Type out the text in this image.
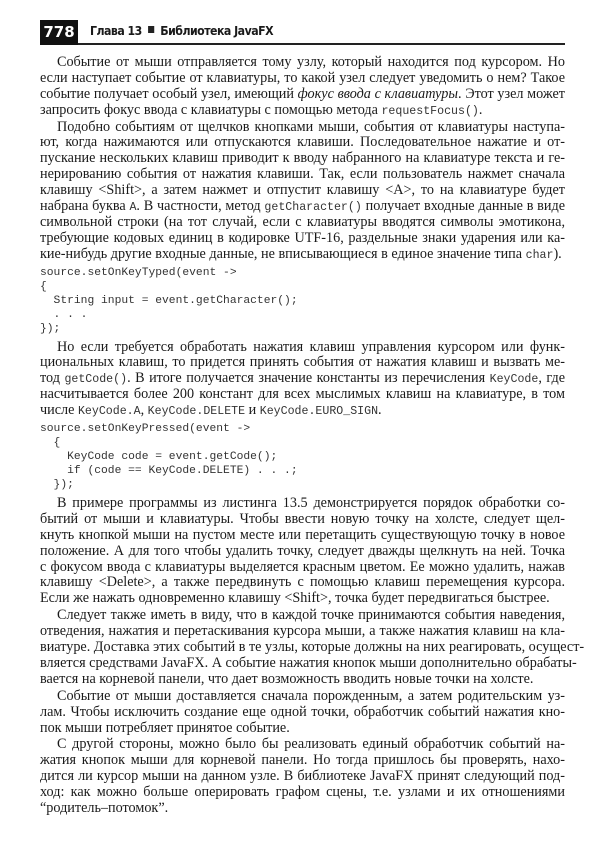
778 Глава 13 Библиотека JavaFX
Событие от мыши отправляется тому узлу, который находится под курсором. Но
если наступает событие от клавиатуры, то какой узел следует уведомить о нем? Такое
событие получает особый узел, имеющий фокус ввода с клавиатуры. Этот узел может
запросить фокус ввода с клавиатуры с помощью метода requestFocus().
Подобно событиям от щелчков кнопками мыши, события от клавиатуры наступа-
ют, когда нажимаются или отпускаются клавиши. Последовательное нажатие и от-
пускание нескольких клавиш приводит к вводу набранного на клавиатуре текста и ге-
нерированию события от нажатия клавиши. Так, если пользователь нажмет сначала
клавишу <Shift>, а затем нажмет и отпустит клавишу <A>, то на клавиатуре будет
набрана буква A. В частности, метод getCharacter() получает входные данные в виде
символьной строки (на тот случай, если с клавиатуры вводятся символы эмотикона,
требующие кодовых единиц в кодировке UTF-16, раздельные знаки ударения или ка-
кие-нибудь другие входные данные, не вписывающиеся в единое значение типа char).
source.setOnKeyTyped(event ->
{
String input = event.getCharacter();
. . .
});
Но если требуется обработать нажатия клавиш управления курсором или функ-
циональных клавиш, то придется принять события от нажатия клавиш и вызвать ме-
тод getCode(). В итоге получается значение константы из перечисления KeyCode, где
насчитывается более 200 констант для всех мыслимых клавиш на клавиатуре, в том
числе KeyCode.A, KeyCode.DELETE и KeyCode.EURO_SIGN.
source.setOnKeyPressed(event ->
{
KeyCode code = event.getCode();
if (code == KeyCode.DELETE) . . .;
});
В примере программы из листинга 13.5 демонстрируется порядок обработки со-
бытий от мыши и клавиатуры. Чтобы ввести новую точку на холсте, следует щел-
кнуть кнопкой мыши на пустом месте или перетащить существующую точку в новое
положение. А для того чтобы удалить точку, следует дважды щелкнуть на ней. Точка
с фокусом ввода с клавиатуры выделяется красным цветом. Ее можно удалить, нажав
клавишу <Delete>, а также передвинуть с помощью клавиш перемещения курсора.
Если же нажать одновременно клавишу <Shift>, точка будет передвигаться быстрее.
Следует также иметь в виду, что в каждой точке принимаются события наведения,
отведения, нажатия и перетаскивания курсора мыши, а также нажатия клавиш на кла-
виатуре. Доставка этих событий в те узлы, которые должны на них реагировать, осущест-
вляется средствами JavaFX. А событие нажатия кнопок мыши дополнительно обрабаты-
вается на корневой панели, что дает возможность вводить новые точки на холсте.
Событие от мыши доставляется сначала порожденным, а затем родительским уз-
лам. Чтобы исключить создание еще одной точки, обработчик событий нажатия кно-
пок мыши потребляет принятое событие.
С другой стороны, можно было бы реализовать единый обработчик событий на-
жатия кнопок мыши для корневой панели. Но тогда пришлось бы проверять, нахо-
дится ли курсор мыши на данном узле. В библиотеке JavaFX принят следующий под-
ход: как можно больше оперировать графом сцены, т.е. узлами и их отношениями
“родитель–потомок”.
